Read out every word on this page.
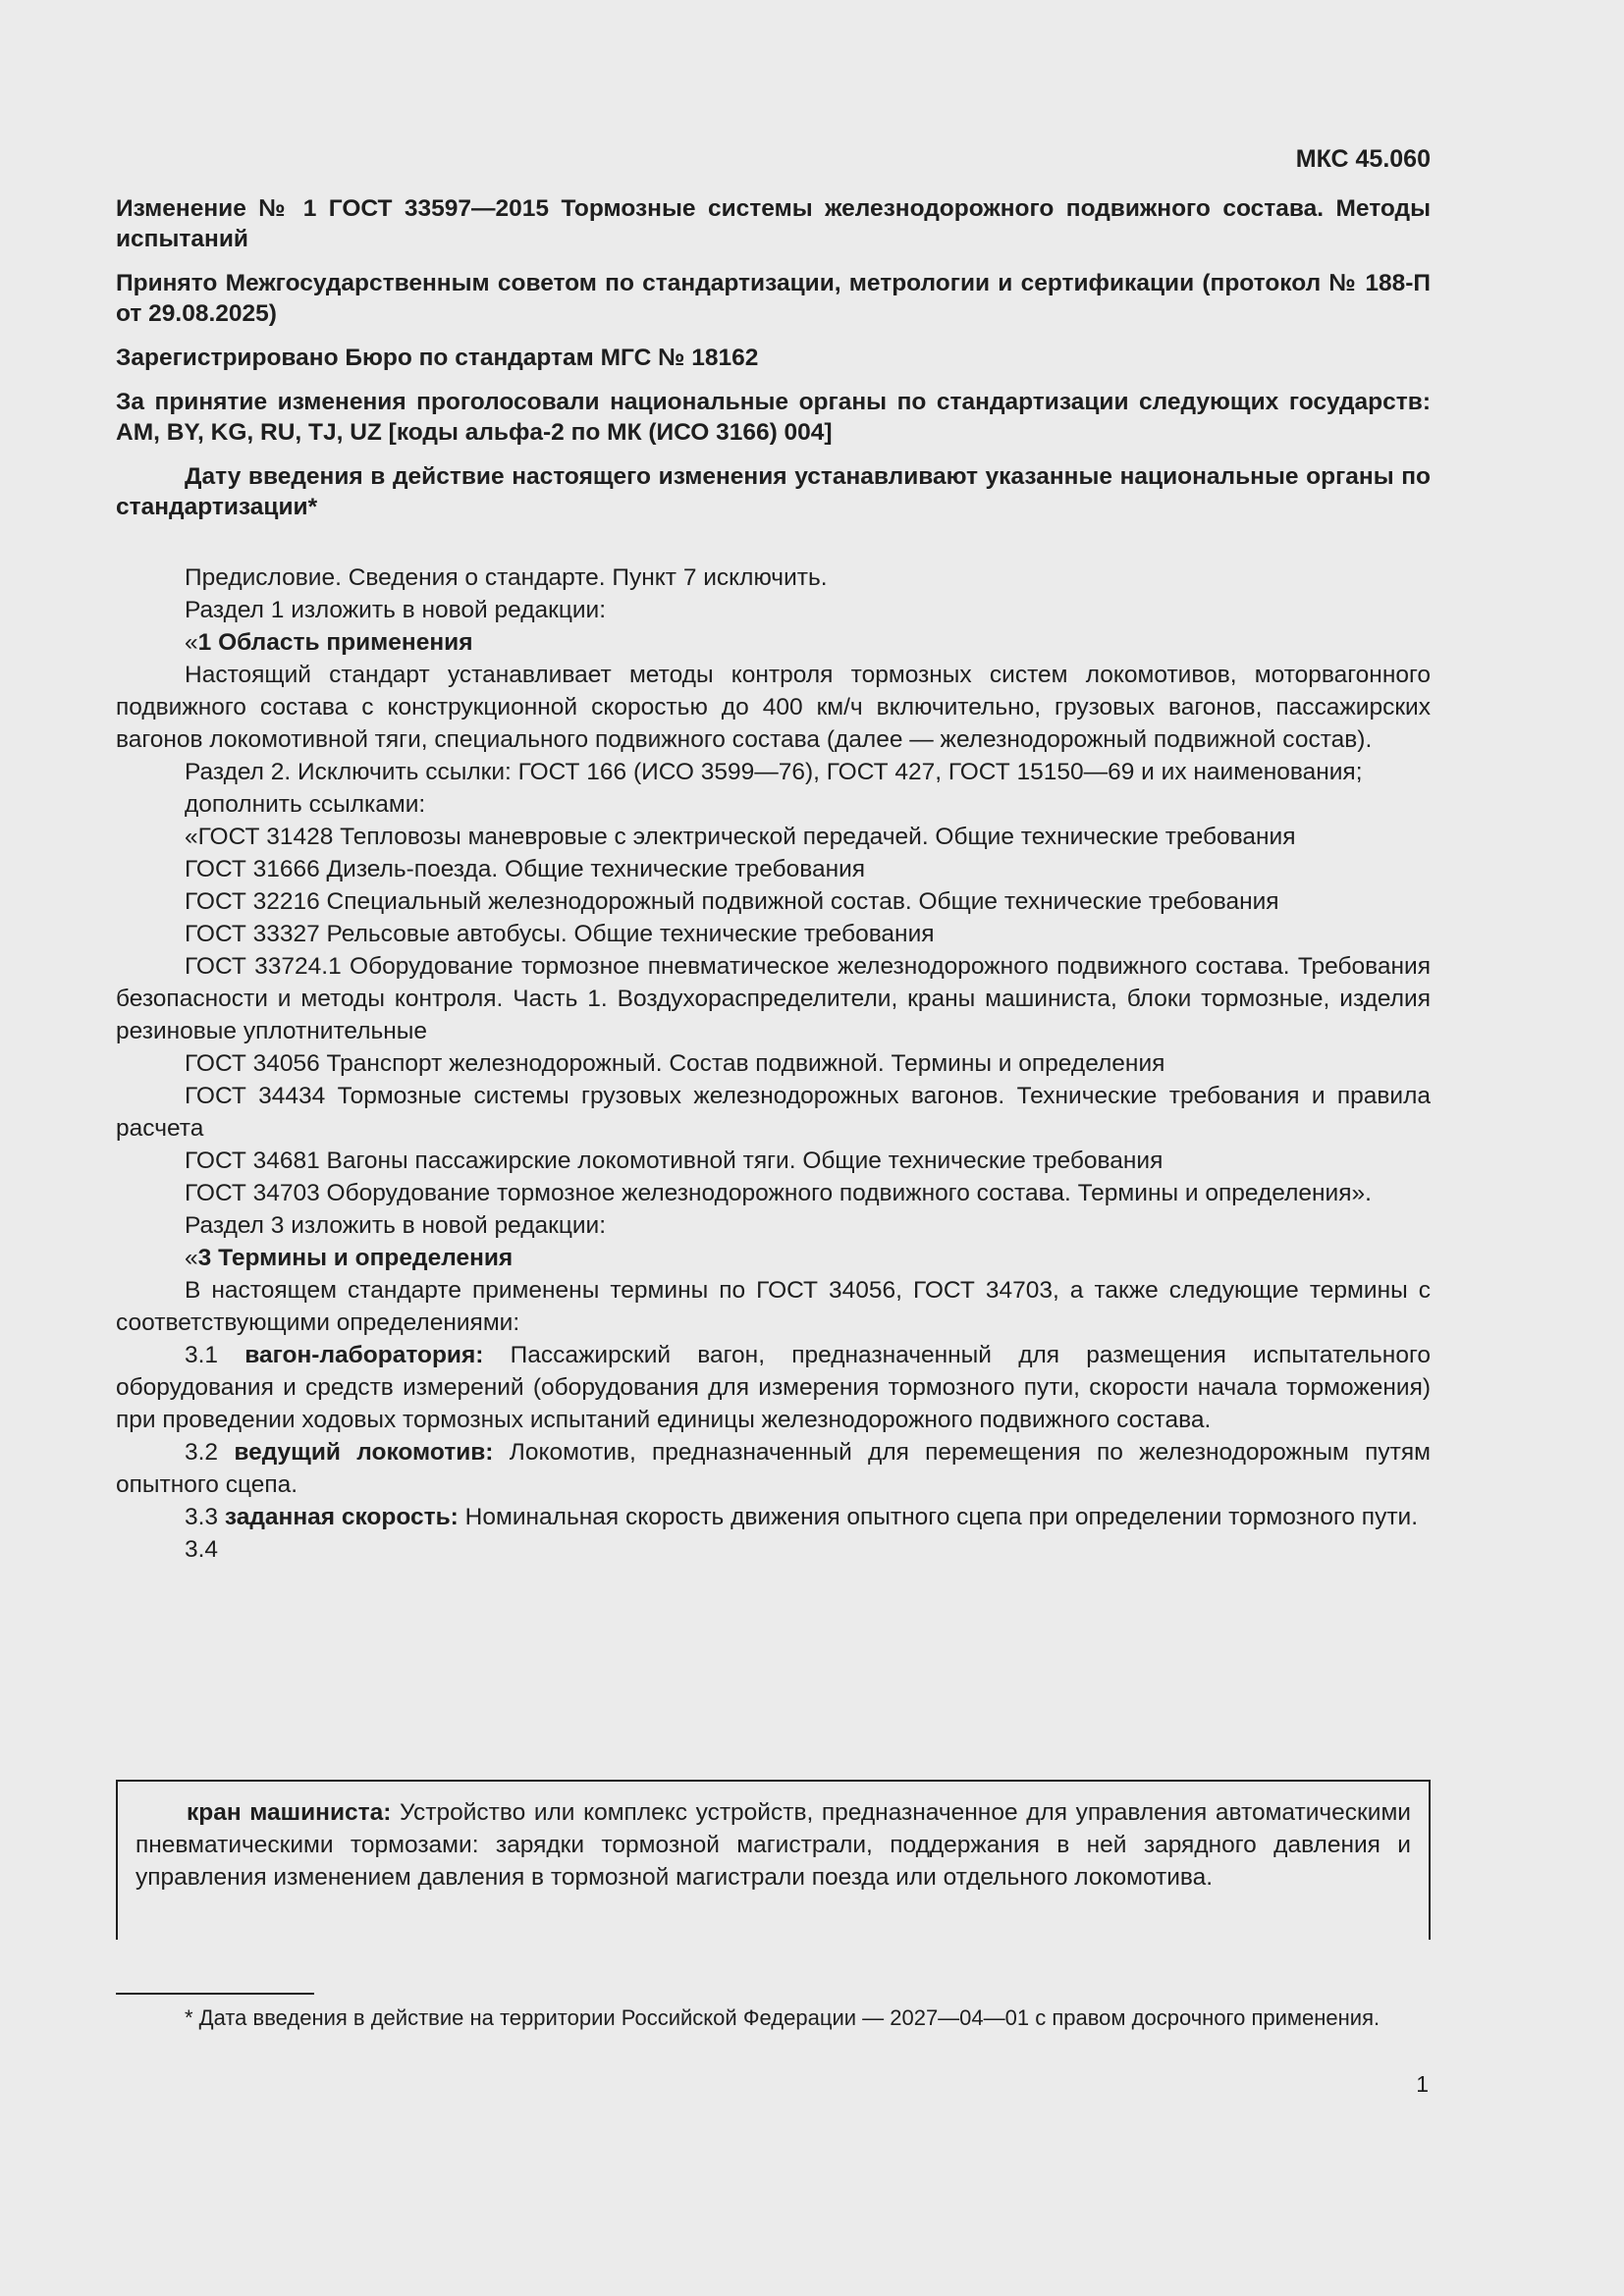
МКС 45.060
Изменение № 1 ГОСТ 33597—2015 Тормозные системы железнодорожного подвижного состава. Методы испытаний
Принято Межгосударственным советом по стандартизации, метрологии и сертификации (протокол № 188-П от 29.08.2025)
Зарегистрировано Бюро по стандартам МГС № 18162
За принятие изменения проголосовали национальные органы по стандартизации следующих государств: AM, BY, KG, RU, TJ, UZ [коды альфа-2 по МК (ИСО 3166) 004]
Дату введения в действие настоящего изменения устанавливают указанные национальные органы по стандартизации*

Предисловие. Сведения о стандарте. Пункт 7 исключить.

Раздел 1 изложить в новой редакции:

«1 Область применения

Настоящий стандарт устанавливает методы контроля тормозных систем локомотивов, моторвагонного подвижного состава с конструкционной скоростью до 400 км/ч включительно, грузовых вагонов, пассажирских вагонов локомотивной тяги, специального подвижного состава (далее — железнодорожный подвижной состав).

Раздел 2. Исключить ссылки: ГОСТ 166 (ИСО 3599—76), ГОСТ 427, ГОСТ 15150—69 и их наименования;

дополнить ссылками:

«ГОСТ 31428 Тепловозы маневровые с электрической передачей. Общие технические требования

ГОСТ 31666 Дизель-поезда. Общие технические требования

ГОСТ 32216 Специальный железнодорожный подвижной состав. Общие технические требования

ГОСТ 33327 Рельсовые автобусы. Общие технические требования

ГОСТ 33724.1 Оборудование тормозное пневматическое железнодорожного подвижного состава. Требования безопасности и методы контроля. Часть 1. Воздухораспределители, краны машиниста, блоки тормозные, изделия резиновые уплотнительные

ГОСТ 34056 Транспорт железнодорожный. Состав подвижной. Термины и определения

ГОСТ 34434 Тормозные системы грузовых железнодорожных вагонов. Технические требования и правила расчета

ГОСТ 34681 Вагоны пассажирские локомотивной тяги. Общие технические требования

ГОСТ 34703 Оборудование тормозное железнодорожного подвижного состава. Термины и определения».

Раздел 3 изложить в новой редакции:

«3 Термины и определения

В настоящем стандарте применены термины по ГОСТ 34056, ГОСТ 34703, а также следующие термины с соответствующими определениями:

3.1 вагон-лаборатория: Пассажирский вагон, предназначенный для размещения испытательного оборудования и средств измерений (оборудования для измерения тормозного пути, скорости начала торможения) при проведении ходовых тормозных испытаний единицы железнодорожного подвижного состава.

3.2 ведущий локомотив: Локомотив, предназначенный для перемещения по железнодорожным путям опытного сцепа.

3.3 заданная скорость: Номинальная скорость движения опытного сцепа при определении тормозного пути.

3.4

кран машиниста: Устройство или комплекс устройств, предназначенное для управления автоматическими пневматическими тормозами: зарядки тормозной магистрали, поддержания в ней зарядного давления и управления изменением давления в тормозной магистрали поезда или отдельного локомотива.

* Дата введения в действие на территории Российской Федерации — 2027—04—01 с правом досрочного применения.

1
